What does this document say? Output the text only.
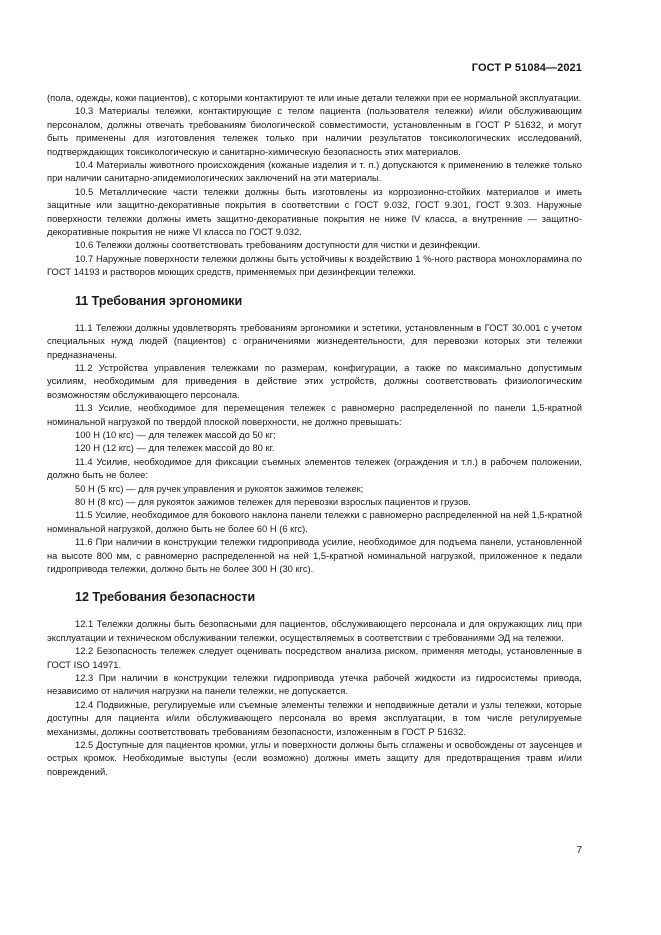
ГОСТ Р 51084—2021

(пола, одежды, кожи пациентов), с которыми контактируют те или иные детали тележки при ее нормальной эксплуатации.

10.3 Материалы тележки, контактирующие с телом пациента (пользователя тележки) и/или обслуживающим персоналом, должны отвечать требованиям биологической совместимости, установленным в ГОСТ Р 51632, и могут быть применены для изготовления тележек только при наличии результатов токсикологических исследований, подтверждающих токсикологическую и санитарно-химическую безопасность этих материалов.

10.4 Материалы животного происхождения (кожаные изделия и т. п.) допускаются к применению в тележке только при наличии санитарно-эпидемиологических заключений на эти материалы.

10.5 Металлические части тележки должны быть изготовлены из коррозионно-стойких материалов и иметь защитные или защитно-декоративные покрытия в соответствии с ГОСТ 9.032, ГОСТ 9.301, ГОСТ 9.303. Наружные поверхности тележки должны иметь защитно-декоративные покрытия не ниже IV класса, а внутренние — защитно-декоративные покрытия не ниже VI класса по ГОСТ 9.032.

10.6 Тележки должны соответствовать требованиям доступности для чистки и дезинфекции.

10.7 Наружные поверхности тележки должны быть устойчивы к воздействию 1 %-ного раствора монохлорамина по ГОСТ 14193 и растворов моющих средств, применяемых при дезинфекции тележки.

11 Требования эргономики

11.1 Тележки должны удовлетворять требованиям эргономики и эстетики, установленным в ГОСТ 30.001 с учетом специальных нужд людей (пациентов) с ограничениями жизнедеятельности, для перевозки которых эти тележки предназначены.

11.2 Устройства управления тележками по размерам, конфигурации, а также по максимально допустимым усилиям, необходимым для приведения в действие этих устройств, должны соответствовать физиологическим возможностям обслуживающего персонала.

11.3 Усилие, необходимое для перемещения тележек с равномерно распределенной по панели 1,5-кратной номинальной нагрузкой по твердой плоской поверхности, не должно превышать:

100 Н (10 кгс) — для тележек массой до 50 кг;

120 Н (12 кгс) — для тележек массой до 80 кг.

11.4 Усилие, необходимое для фиксации съемных элементов тележек (ограждения и т.п.) в рабочем положении, должно быть не более:

50 Н (5 кгс) — для ручек управления и рукояток зажимов тележек;

80 Н (8 кгс) — для рукояток зажимов тележек для перевозки взрослых пациентов и грузов.

11.5 Усилие, необходимое для бокового наклона панели тележки с равномерно распределенной на ней 1,5-кратной номинальной нагрузкой, должно быть не более 60 Н (6 кгс).

11.6 При наличии в конструкции тележки гидропривода усилие, необходимое для подъема панели, установленной на высоте 800 мм, с равномерно распределенной на ней 1,5-кратной номинальной нагрузкой, приложенное к педали гидропривода тележки, должно быть не более 300 Н (30 кгс).

12 Требования безопасности

12.1 Тележки должны быть безопасными для пациентов, обслуживающего персонала и для окружающих лиц при эксплуатации и техническом обслуживании тележки, осуществляемых в соответствии с требованиями ЭД на тележки.

12.2 Безопасность тележек следует оценивать посредством анализа риском, применяя методы, установленные в ГОСТ ISO 14971.

12.3 При наличии в конструкции тележки гидропривода утечка рабочей жидкости из гидросистемы привода, независимо от наличия нагрузки на панели тележки, не допускается.

12.4 Подвижные, регулируемые или съемные элементы тележки и неподвижные детали и узлы тележки, которые доступны для пациента и/или обслуживающего персонала во время эксплуатации, в том числе регулируемые механизмы, должны соответствовать требованиям безопасности, изложенным в ГОСТ Р 51632.

12.5 Доступные для пациентов кромки, углы и поверхности должны быть сглажены и освобождены от заусенцев и острых кромок. Необходимые выступы (если возможно) должны иметь защиту для предотвращения травм и/или повреждений.

7
